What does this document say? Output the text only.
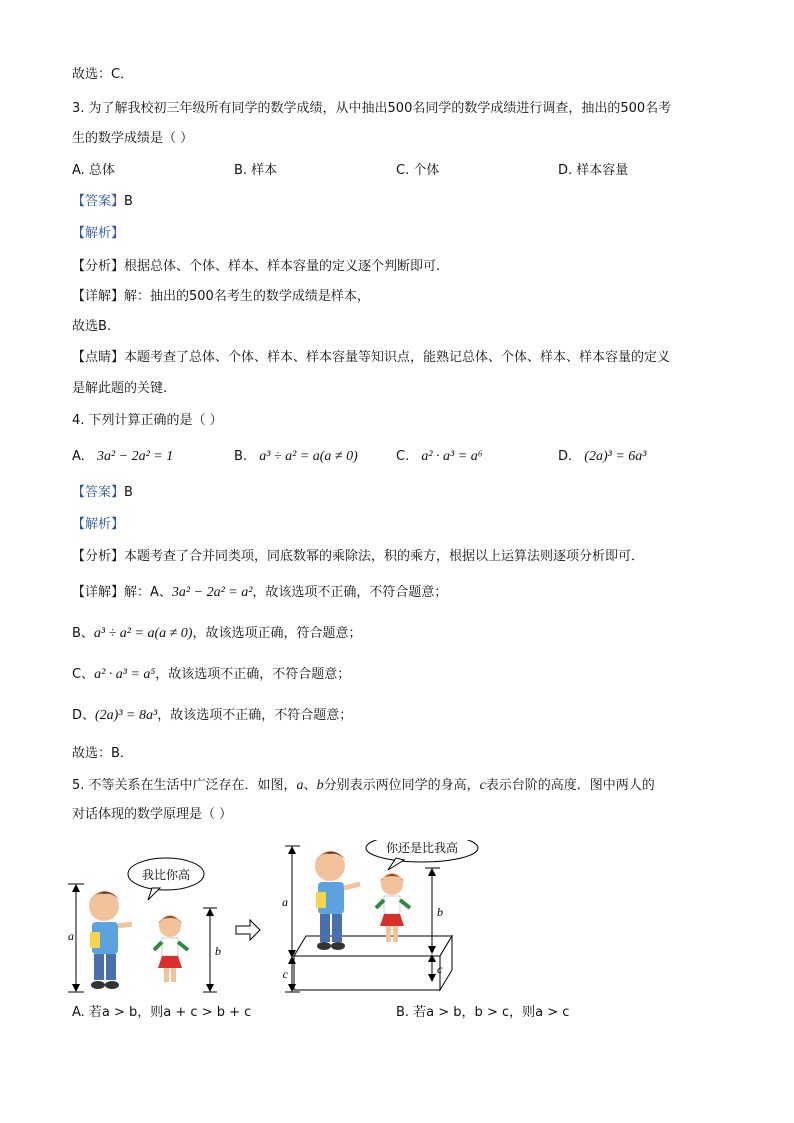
故选：C．
3. 为了解我校初三年级所有同学的数学成绩，从中抽出500名同学的数学成绩进行调查，抽出的500名考
生的数学成绩是（ ）
A. 总体	B. 样本	C. 个体	D. 样本容量
【答案】B
【解析】
【分析】根据总体、个体、样本、样本容量的定义逐个判断即可.
【详解】解：抽出的500名考生的数学成绩是样本，
故选B.
【点睛】本题考查了总体、个体、样本、样本容量等知识点，能熟记总体、个体、样本、样本容量的定义
是解此题的关键.
4. 下列计算正确的是（ ）
A. 3a² − 2a² = 1	B. a³ ÷ a² = a(a ≠ 0)	C. a² · a³ = a⁶	D. (2a)³ = 6a³
【答案】B
【解析】
【分析】本题考查了合并同类项，同底数幂的乘除法，积的乘方，根据以上运算法则逐项分析即可．
【详解】解：A、3a² − 2a² = a²，故该选项不正确，不符合题意；
B、a³ ÷ a² = a(a ≠ 0)，故该选项正确，符合题意；
C、a² · a³ = a⁵，故该选项不正确，不符合题意；
D、(2a)³ = 8a³，故该选项不正确，不符合题意；
故选：B．
5. 不等关系在生活中广泛存在．如图，a、b分别表示两位同学的身高，c表示台阶的高度．图中两人的
对话体现的数学原理是（ ）
a
b
我比你高
a
c
b
c
你还是比我高
A. 若a > b，则a + c > b + c	B. 若a > b，b > c，则a > c
